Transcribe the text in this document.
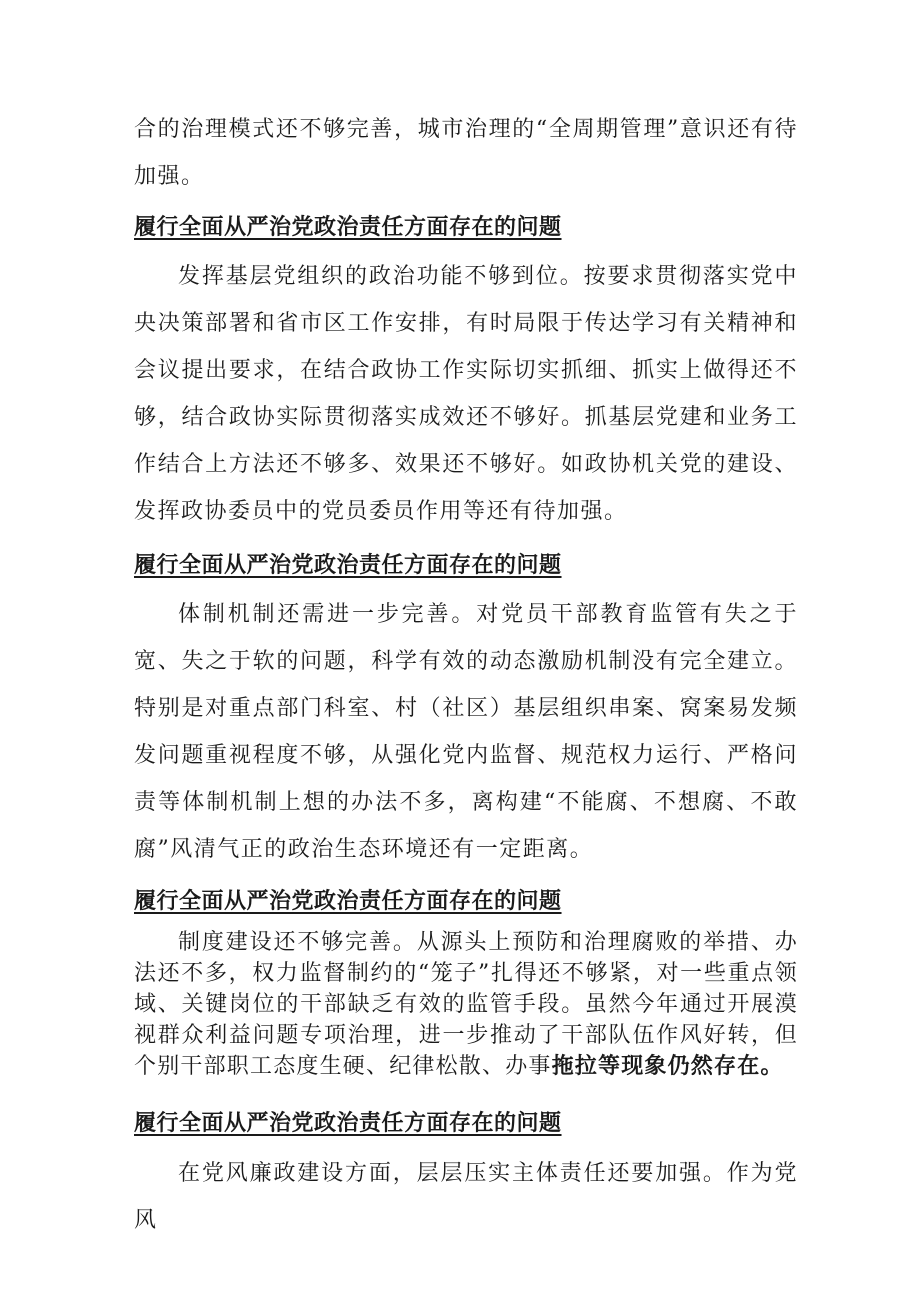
合的治理模式还不够完善，城市治理的“全周期管理”意识还有待加强。

履行全面从严治党政治责任方面存在的问题

发挥基层党组织的政治功能不够到位。按要求贯彻落实党中央决策部署和省市区工作安排，有时局限于传达学习有关精神和会议提出要求，在结合政协工作实际切实抓细、抓实上做得还不够，结合政协实际贯彻落实成效还不够好。抓基层党建和业务工作结合上方法还不够多、效果还不够好。如政协机关党的建设、发挥政协委员中的党员委员作用等还有待加强。

履行全面从严治党政治责任方面存在的问题

体制机制还需进一步完善。对党员干部教育监管有失之于宽、失之于软的问题，科学有效的动态激励机制没有完全建立。特别是对重点部门科室、村（社区）基层组织串案、窝案易发频发问题重视程度不够，从强化党内监督、规范权力运行、严格问责等体制机制上想的办法不多，离构建“不能腐、不想腐、不敢腐”风清气正的政治生态环境还有一定距离。

履行全面从严治党政治责任方面存在的问题

制度建设还不够完善。从源头上预防和治理腐败的举措、办法还不多，权力监督制约的“笼子”扎得还不够紧，对一些重点领域、关键岗位的干部缺乏有效的监管手段。虽然今年通过开展漠视群众利益问题专项治理，进一步推动了干部队伍作风好转，但个别干部职工态度生硬、纪律松散、办事拖拉等现象仍然存在。

履行全面从严治党政治责任方面存在的问题

在党风廉政建设方面，层层压实主体责任还要加强。作为党风
